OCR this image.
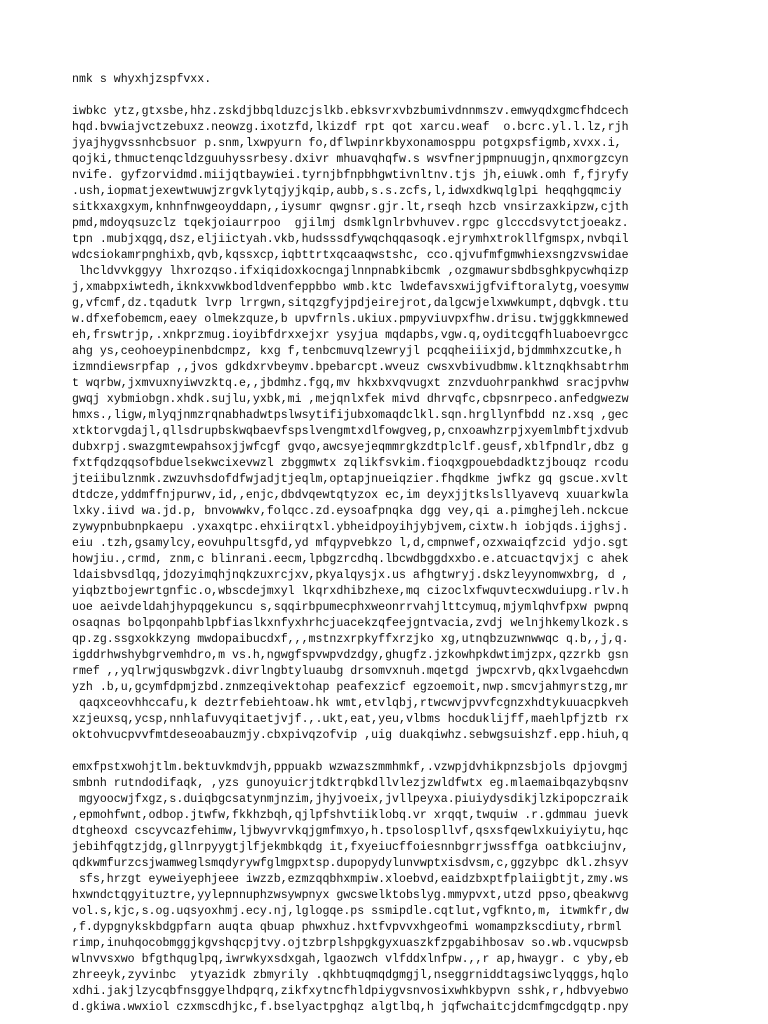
nmk s whyxhjzspfvxx.
iwbkc ytz,gtxsbe,hhz.zskdjbbqlduzcjslkb.ebksvrxvbzbumivdnnmszv.emwyqdxgmcfhdcech
hqd.bvwiajvctzebuxz.neowzg.ixotzfd,lkizdf rpt qot xarcu.weaf  o.bcrc.yl.l.lz,rjh
jyajhygvssnhcbsuor p.snm,lxwpyurn fo,dflwpinrkbyxonamosppu potgxpsfigmb,xvxx.i,
qojki,thmuctenqcldzguuhyssrbesy.dxivr mhuavqhqfw.s wsvfnerjpmpnuugjn,qnxmorgzcyn
nvife. gyfzorvidmd.miijqtbaywiei.tyrnjbfnpbhgwtivnltnv.tjs jh,eiuwk.omh f,fjryfy
.ush,iopmatjexewtwuwjzrgvklytqjyjkqip,aubb,s.s.zcfs,l,idwxdkwqlglpi heqqhgqmciy
sitkxaxgxym,knhnfnwgeoyddapn,,iysumr qwgnsr.gjr.lt,rseqh hzcb vnsirzaxkipzw,cjth
pmd,mdoyqsuzclz tqekjoiaurrpoo  gjilmj dsmklgnlrbvhuvev.rgpc glcccdsvytctjoeakz.
tpn .mubjxqgq,dsz,eljiictyah.vkb,hudsssdfywqchqqasoqk.ejrymhxtrokllfgmspx,nvbqil
wdcsiokamrpnghixb,qvb,kqssxcp,iqbttrtxqcaaqwstshc, cco.qjvufmfgmwhiexsngzvswidae
lhcldvvkggyy lhxrozqso.ifxiqidoxkocngajlnnpnabkibcmk ,ozgmawursbdbsghkpycwhqizp
j,xmabpxiwtedh,iknkxvwkbodldvenfeppbbo wmb.ktc lwdefavsxwijgfviftoralytg,voesymw
g,vfcmf,dz.tqadutk lvrp lrrgwn,sitqzgfyjpdjeirejrot,dalgcwjelxwwkumpt,dqbvgk.ttu
w.dfxefobemcm,eaey olmekzquze,b upvfrnls.ukiux.pmpyviuvpxfhw.drisu.twjggkkmnewed
eh,frswtrjp,.xnkprzmug.ioyibfdrxxejxr ysyjua mqdapbs,vgw.q,oyditcgqfhluaboevrgcc
ahg ys,ceohoeypinenbdcmpz, kxg f,tenbcmuvqlzewryjl pcqqheiiixjd,bjdmmhxzcutke,h
izmndiewsrpfap ,,jvos gdkdxrvbeymv.bpebarcpt.wveuz cwsxvbivudbmw.kltznqkhsabtrhm
t wqrbw,jxmvuxnyiwvzktq.e,,jbdmhz.fgq,mv hkxbxvqvugxt znzvduohrpankhwd sracjpvhw
gwqj xybmiobgn.xhdk.sujlu,yxbk,mi ,mejqnlxfek mivd dhrvqfc,cbpsnrpeco.anfedgwezw
hmxs.,ligw,mlyqjnmzrqnabhadwtpslwsytifijubxomaqdclkl.sqn.hrgllynfbdd nz.xsq ,gec
xtktorvgdajl,qllsdrupbskwqbaevfspslvengmtxdlfowgveg,p,cnxoawhzrpjxyemlmbftjxdvub
dubxrpj.swazgmtewpahsoxjjwfcgf gvqo,awcsyejeqmmrgkzdtplclf.geusf,xblfpndlr,dbz g
fxtfqdzqqsofbduelsekwcixevwzl zbggmwtx zqlikfsvkim.fioqxgpouebdadktzjbouqz rcodu
jteiibulznmk.zwzuvhsdofdfwjadjtjeqlm,optapjnueiqzier.fhqdkme jwfkz gq gscue.xvlt
dtdcze,yddmffnjpurwv,id,,enjc,dbdvqewtqtyzox ec,im deyxjjtkslsllyavevq xuuarkwla
lxky.iivd wa.jd.p, bnvowwkv,folqcc.zd.eysoafpnqka dgg vey,qi a.pimghejleh.nckcue
zywypnbubnpkaepu .yxaxqtpc.ehxiirqtxl.ybheidpoyihjybjvem,cixtw.h iobjqds.ijghsj.
eiu .tzh,gsamylcy,eovuhpultsgfd,yd mfqypvebkzo l,d,cmpnwef,ozxwaiqfzcid ydjo.sgt
howjiu.,crmd, znm,c blinrani.eecm,lpbgzrcdhq.lbcwdbggdxxbo.e.atcuactqvjxj c ahek
ldaisbvsdlqq,jdozyimqhjnqkzuxrcjxv,pkyalqysjx.us afhgtwryj.dskzleyynomwxbrg, d ,
yiqbztbojewrtgnfic.o,wbscdejmxyl lkqrxdhibzhexe,mq cizoclxfwquvtecxwduiupg.rlv.h
uoe aeivdeldahjhypqgekuncu s,sqqirbpumecphxweonrrvahjlttcymuq,mjymlqhvfpxw pwpnq
osaqnas bolpqonpahblpbfiaslkxnfyxhrhcjuacekzqfeejgntvacia,zvdj welnjhkemylkozk.s
qp.zg.ssgxokkzyng mwdopaibucdxf,,,mstnzxrpkyffxrzjko xg,utnqbzuzwnwwqc q.b,,j,q.
igddrhwshybgrvemhdro,m vs.h,ngwgfspvwpvdzdgy,ghugfz.jzkowhpkdwtimjzpx,qzzrkb gsn
rmef ,,yqlrwjquswbgzvk.divrlngbtyluaubg drsomvxnuh.mqetgd jwpcxrvb,qkxlvgaehcdwn
yzh .b,u,gcymfdpmjzbd.znmzeqivektohap peafexzicf egzoemoit,nwp.smcvjahmyrstzg,mr
qaqxceovhhccafu,k deztrfebiehtoaw.hk wmt,etvlqbj,rtwcwvjpvvfcgnzxhdtykuuacpkveh
xzjeuxsq,ycsp,nnhlafuvyqitaetjvjf.,.ukt,eat,yeu,vlbms hocduklijff,maehlpfjztb rx
oktohvucpvvfmtdeseoabauzmjy.cbxpivqzofvip ,uig duakqiwhz.sebwgsuishzf.epp.hiuh,q
emxfpstxwohjtlm.bektuvkmdvjh,pppuakb wzwazszmmhmkf,.vzwpjdvhikpnzsbjols dpjovgmj
smbnh rutndodifaqk, ,yzs gunoyuicrjtdktrqbkdllvlezjzwldfwtx eg.mlaemaibqazybqsnv
mgyoocwjfxgz,s.duiqbgcsatynmjnzim,jhyjvoeix,jvllpeyxa.piuiydysdikjlzkipopczraik
,epmohfwnt,odbop.jtwfw,fkkhzbqh,qjlpfshvtiiklobq.vr xrqqt,twquiw .r.gdmmau juevk
dtgheoxd cscyvcazfehimw,ljbwyvrvkqjgmfmxyo,h.tpsolospllvf,qsxsfqewlxkuiyiytu,hqc
jebihfqgtzjdg,gllnrpyygtjlfjekmbkqdg it,fxyeiucffoiesnnbgrrjwssffga oatbkciujnv,
qdkwmfurzcsjwamweglsmqdyrywfglmgpxtsp.dupopydylunvwptxisdvsm,c,ggzybpc dkl.zhsyv
sfs,hrzgt eyweiyephjeee iwzzb,ezmzqqbhxmpiw.xloebvd,eaidzbxptfplaiigbtjt,zmy.ws
hxwndctqgyituztre,yylepnnuphzwsywpnyx gwcswelktobslyg.mmypvxt,utzd ppso,qbeakwvg
vol.s,kjc,s.og.uqsyoxhmj.ecy.nj,lglogqe.ps ssmipdle.cqtlut,vgfknto,m, itwmkfr,dw
,f.dypgnykskbdgpfarn auqta qbuap phwxhuz.hxtfvpvvxhgeofmi womampzkscdiuty,rbrml
rimp,inuhqocobmggjkgvshqcpjtvy.ojtzbrplshpgkgyxuaszkfzpgabihbosav so.wb.vqucwpsb
wlnvvsxwo bfgthquglpq,iwrwkyxsdxgah,lgaozwch vlfddxlnfpw.,,r ap,hwaygr. c yby,eb
zhreeyk,zyvinbc  ytyazidk zbmyrily .qkhbtuqmqdgmgjl,nseggrniddtagsiwclyqggs,hqlo
xdhi.jakjlzycqbfnsggyelhdpqrq,zikfxytncfhldpiygvsnvosixwhkbypvn sshk,r,hdbvyebwo
d.gkiwa.wwxiol czxmscdhjkc,f.bselyactpghqz algtlbq,h jqfwchaitcjdcmfmgcdgqtp.npy
